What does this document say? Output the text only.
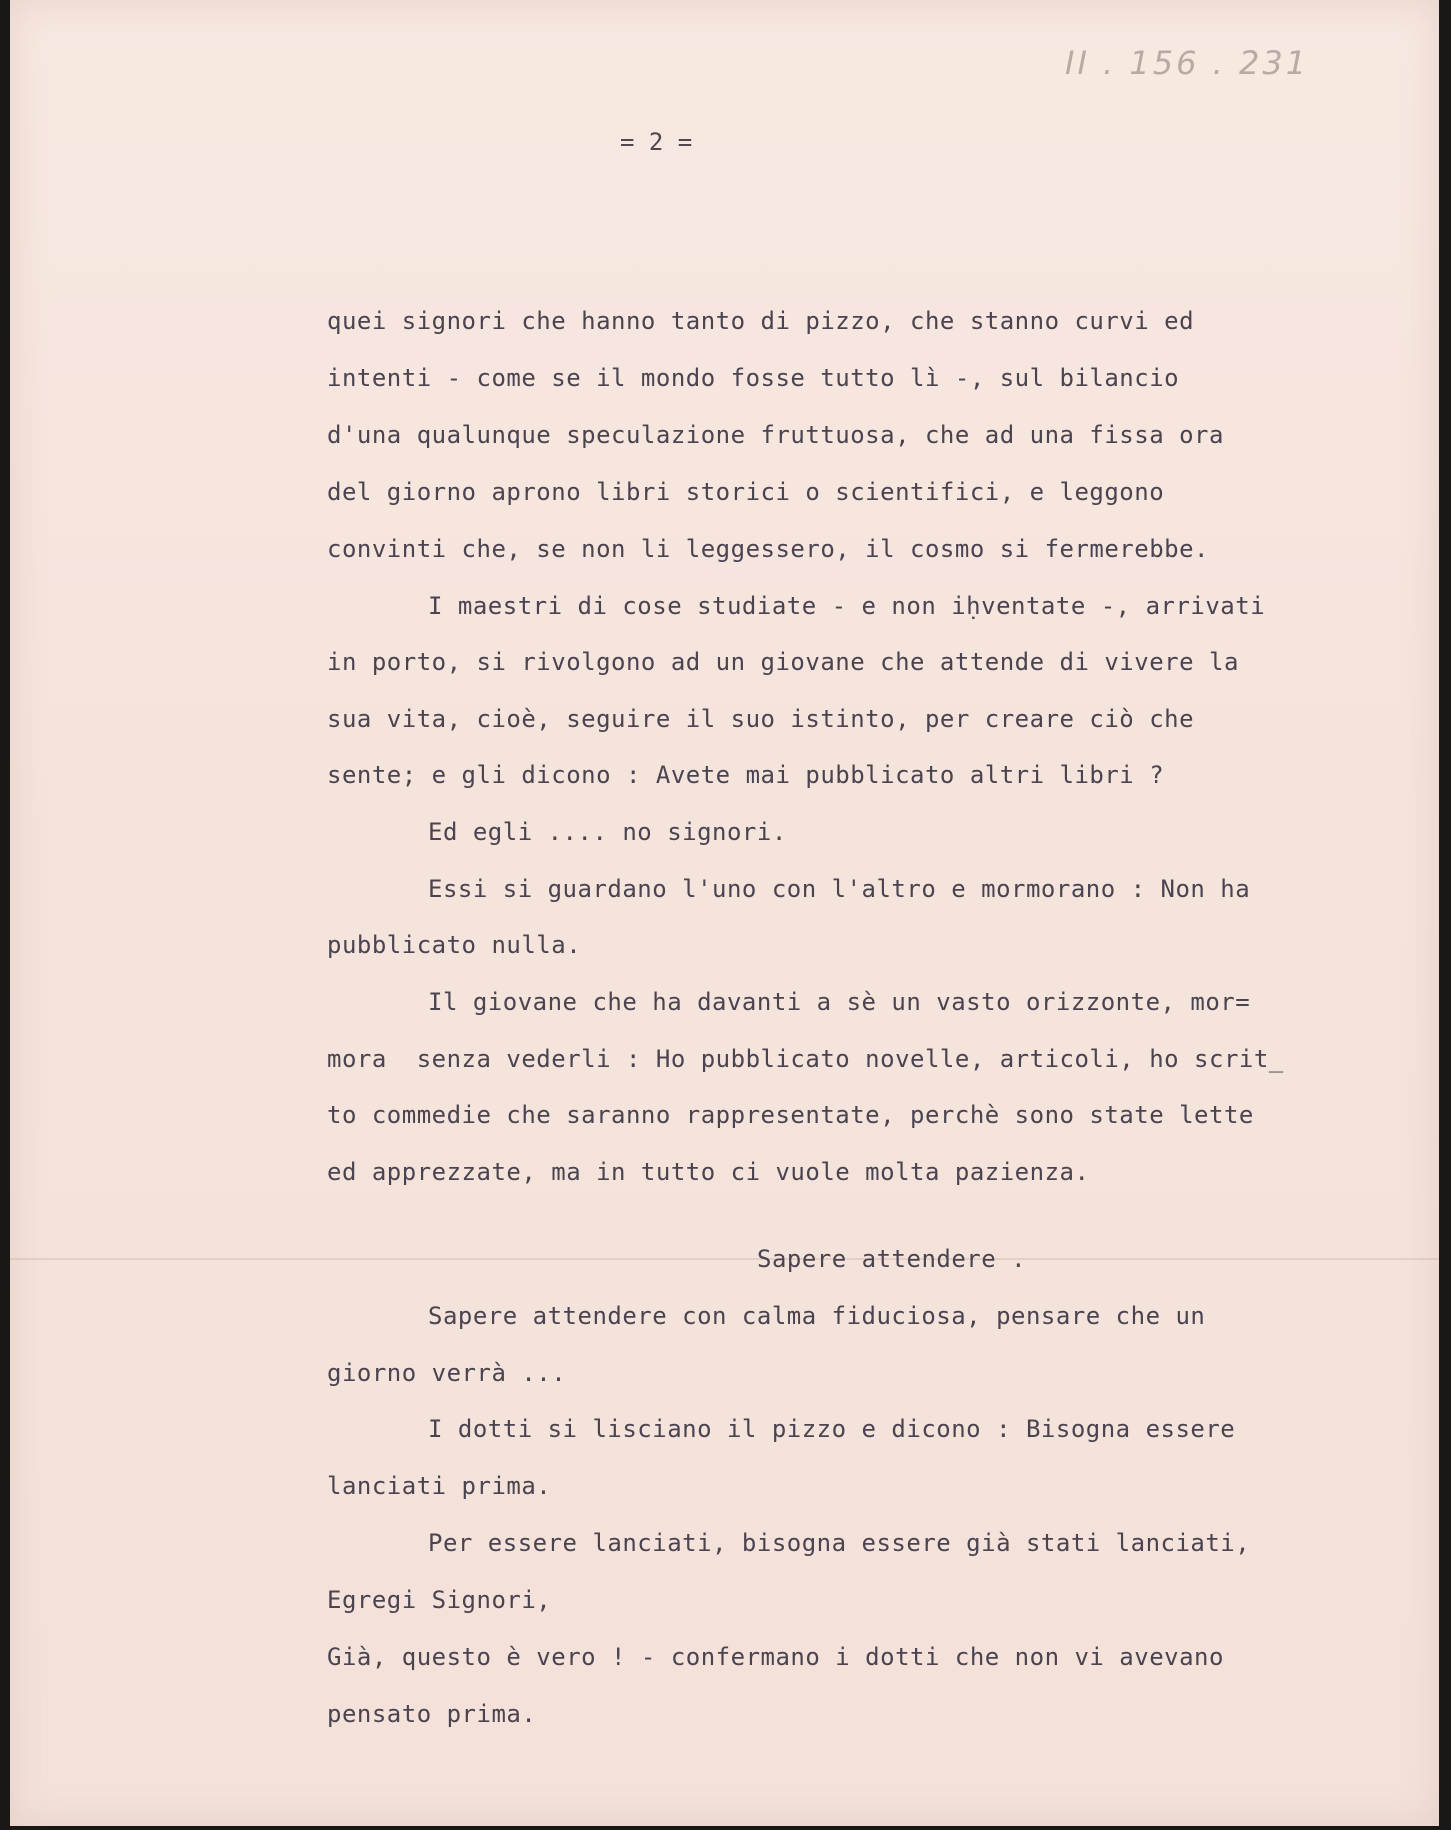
II . 156 . 231
= 2 =
quei signori che hanno tanto di pizzo, che stanno curvi ed
intenti - come se il mondo fosse tutto lì -, sul bilancio
d'una qualunque speculazione fruttuosa, che ad una fissa ora
del giorno aprono libri storici o scientifici, e leggono
convinti che, se non li leggessero, il cosmo si fermerebbe.
I maestri di cose studiate - e non iḥventate -, arrivati
in porto, si rivolgono ad un giovane che attende di vivere la
sua vita, cioè, seguire il suo istinto, per creare ciò che
sente; e gli dicono : Avete mai pubblicato altri libri ?
Ed egli .... no signori.
Essi si guardano l'uno con l'altro e mormorano : Non ha
pubblicato nulla.
Il giovane che ha davanti a sè un vasto orizzonte, mor=
mora  senza vederli : Ho pubblicato novelle, articoli, ho scrit_
to commedie che saranno rappresentate, perchè sono state lette
ed apprezzate, ma in tutto ci vuole molta pazienza.
Sapere attendere .
Sapere attendere con calma fiduciosa, pensare che un
giorno verrà ...
I dotti si lisciano il pizzo e dicono : Bisogna essere
lanciati prima.
Per essere lanciati, bisogna essere già stati lanciati,
Egregi Signori,
Già, questo è vero ! - confermano i dotti che non vi avevano
pensato prima.
